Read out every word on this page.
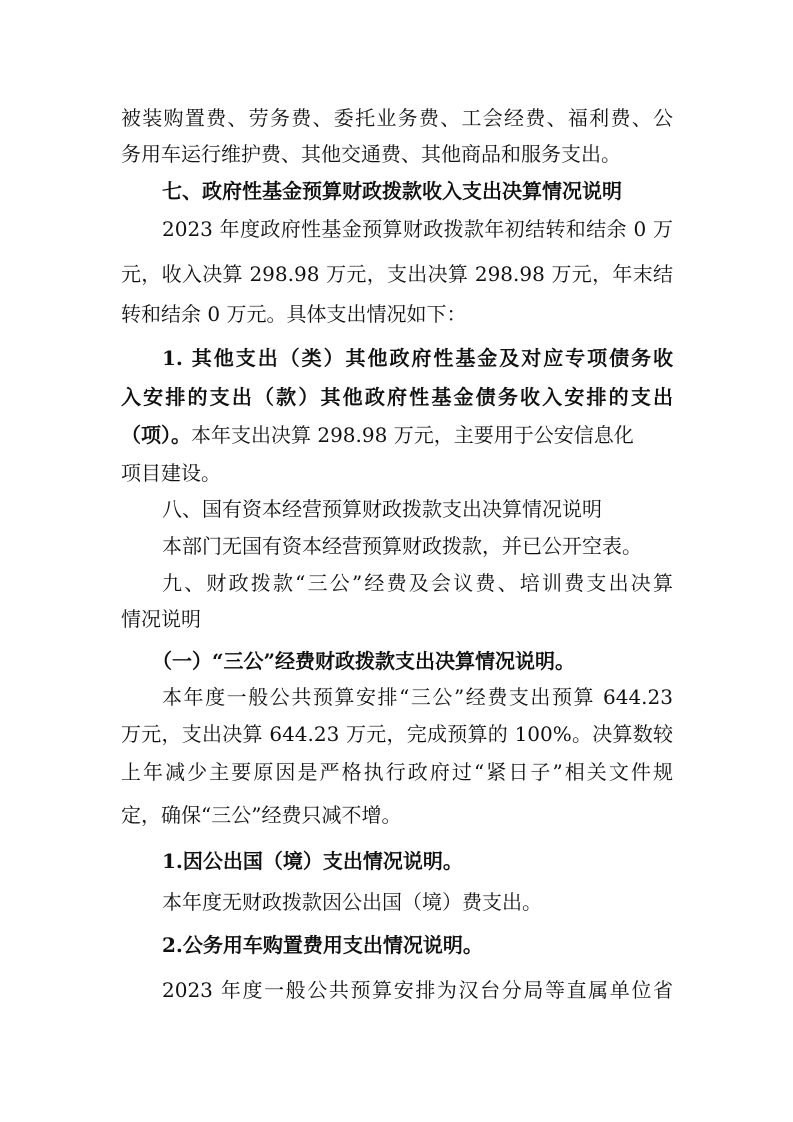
被装购置费、劳务费、委托业务费、工会经费、福利费、公

务用车运行维护费、其他交通费、其他商品和服务支出。

七、政府性基金预算财政拨款收入支出决算情况说明

2023 年度政府性基金预算财政拨款年初结转和结余 0 万

元，收入决算 298.98 万元，支出决算 298.98 万元，年末结

转和结余 0 万元。具体支出情况如下：

1. 其他支出（类）其他政府性基金及对应专项债务收

入安排的支出（款）其他政府性基金债务收入安排的支出

（项）。本年支出决算 298.98 万元，主要用于公安信息化

项目建设。

八、国有资本经营预算财政拨款支出决算情况说明

本部门无国有资本经营预算财政拨款，并已公开空表。

九、财政拨款“三公”经费及会议费、培训费支出决算

情况说明

（一）“三公”经费财政拨款支出决算情况说明。

本年度一般公共预算安排“三公”经费支出预算 644.23

万元，支出决算 644.23 万元，完成预算的 100%。决算数较

上年减少主要原因是严格执行政府过“紧日子”相关文件规

定，确保“三公”经费只减不增。

1.因公出国（境）支出情况说明。

本年度无财政拨款因公出国（境）费支出。

2.公务用车购置费用支出情况说明。

2023 年度一般公共预算安排为汉台分局等直属单位省
